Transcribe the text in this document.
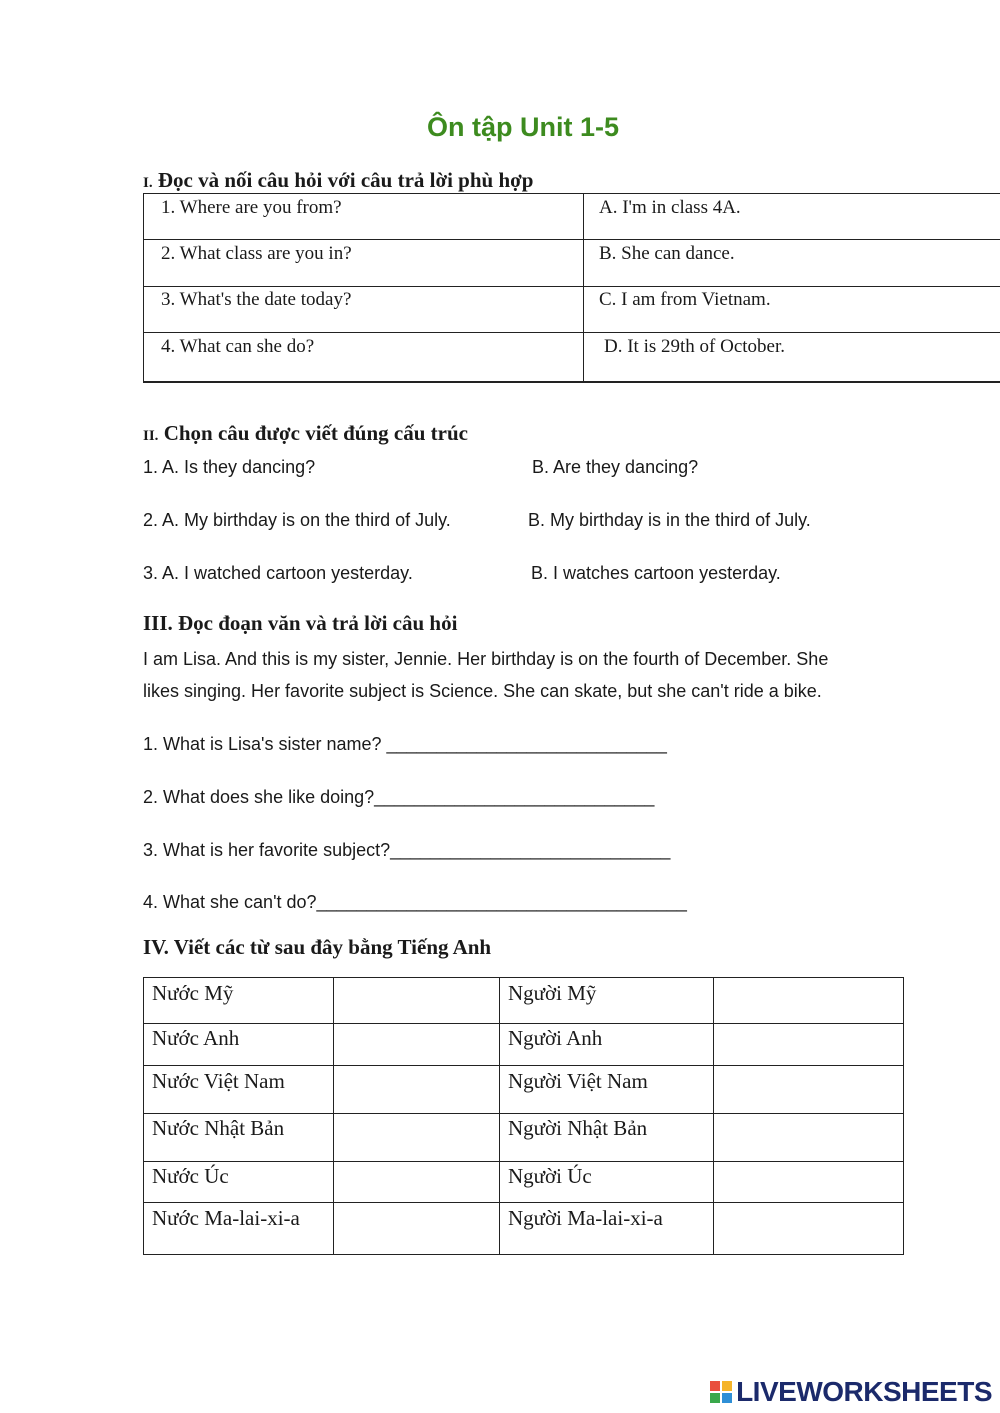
Ôn tập Unit 1-5
I. Đọc và nối câu hỏi với câu trả lời phù hợp
1. Where are you from?	A. I'm in class 4A.
2. What class are you in?	B. She can dance.
3. What's the date today?	C. I am from Vietnam.
4. What can she do?	D. It is 29th of October.
II. Chọn câu được viết đúng cấu trúc
1. A. Is they dancing?	B. Are they dancing?
2. A. My birthday is on the third of July.	B. My birthday is in the third of July.
3. A. I watched cartoon yesterday.	B. I watches cartoon yesterday.
III. Đọc đoạn văn và trả lời câu hỏi
I am Lisa. And this is my sister, Jennie. Her birthday is on the fourth of December. She
likes singing. Her favorite subject is Science. She can skate, but she can't ride a bike.
1. What is Lisa's sister name? ____________________________
2. What does she like doing?____________________________
3. What is her favorite subject?____________________________
4. What she can't do?_____________________________________
IV. Viết các từ sau đây bằng Tiếng Anh
Nước Mỹ	Người Mỹ
Nước Anh	Người Anh
Nước Việt Nam	Người Việt Nam
Nước Nhật Bản	Người Nhật Bản
Nước Úc	Người Úc
Nước Ma-lai-xi-a	Người Ma-lai-xi-a
LIVEWORKSHEETS
